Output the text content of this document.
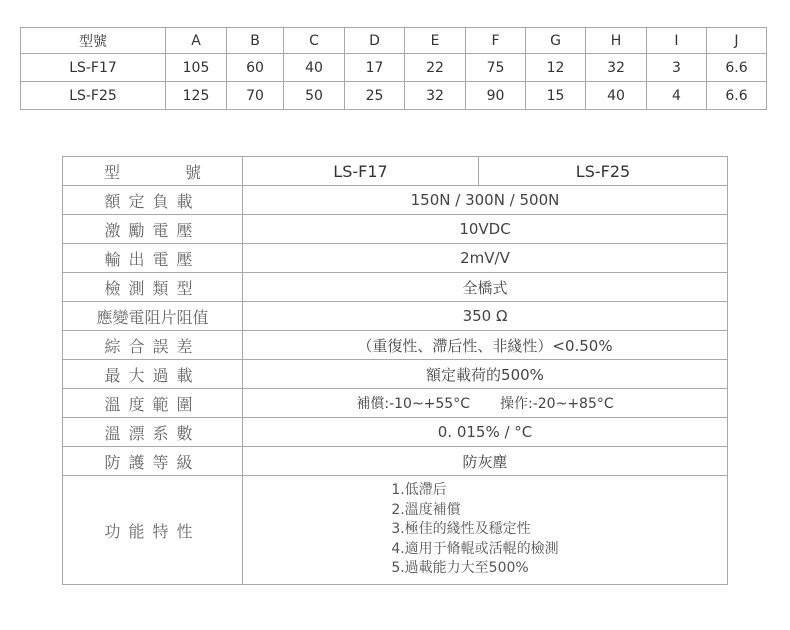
型號	A	B	C	D	E	F	G	H	I	J
LS-F17	105	60	40	17	22	75	12	32	3	6.6
LS-F25	125	70	50	25	32	90	15	40	4	6.6
型 號	LS-F17	LS-F25
額定負載	150N / 300N / 500N	
激勵電壓	10VDC	
輸出電壓	2mV/V	
檢測類型	全橋式	
應變電阻片阻值	350 Ω	
綜合誤差	（重復性、滯后性、非綫性）<0.50%	
最大過載	額定載荷的500%	
溫度範圍	補償:-10~+55°C 操作:-20~+85°C	
溫漂系數	0. 015% / °C	
防護等級	防灰塵	
功能特性	1.低滯后
2.溫度補償
3.極佳的綫性及穩定性
4.適用于脩輥或活輥的檢測
5.過載能力大至500%	
